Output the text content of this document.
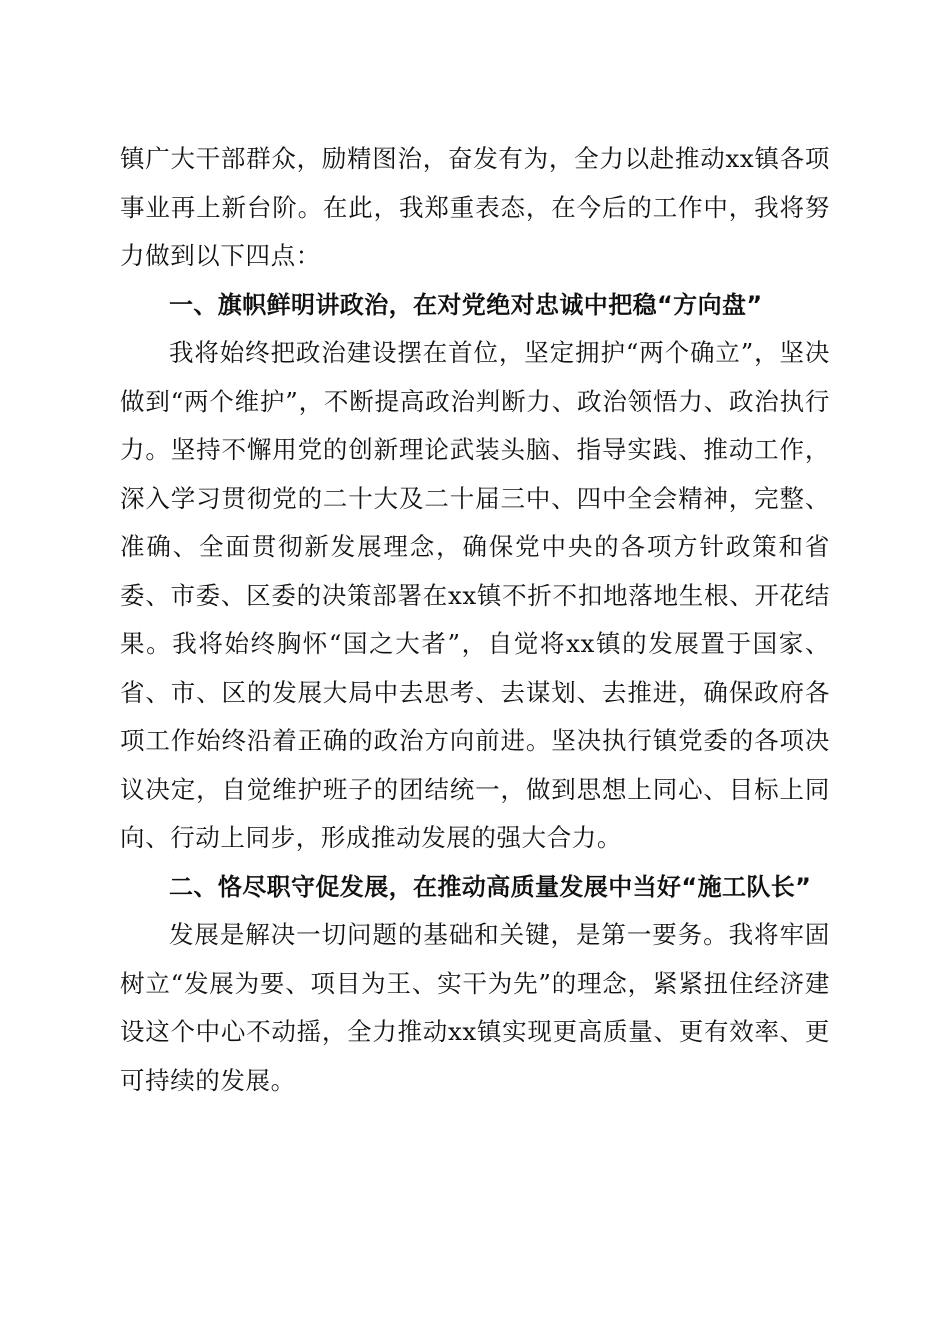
镇广大干部群众，励精图治，奋发有为，全力以赴推动xx镇各项事业再上新台阶。在此，我郑重表态，在今后的工作中，我将努力做到以下四点：

一、旗帜鲜明讲政治，在对党绝对忠诚中把稳“方向盘”

我将始终把政治建设摆在首位，坚定拥护“两个确立”，坚决做到“两个维护”，不断提高政治判断力、政治领悟力、政治执行力。坚持不懈用党的创新理论武装头脑、指导实践、推动工作，深入学习贯彻党的二十大及二十届三中、四中全会精神，完整、准确、全面贯彻新发展理念，确保党中央的各项方针政策和省委、市委、区委的决策部署在xx镇不折不扣地落地生根、开花结果。我将始终胸怀“国之大者”，自觉将xx镇的发展置于国家、省、市、区的发展大局中去思考、去谋划、去推进，确保政府各项工作始终沿着正确的政治方向前进。坚决执行镇党委的各项决议决定，自觉维护班子的团结统一，做到思想上同心、目标上同向、行动上同步，形成推动发展的强大合力。

二、恪尽职守促发展，在推动高质量发展中当好“施工队长”

发展是解决一切问题的基础和关键，是第一要务。我将牢固树立“发展为要、项目为王、实干为先”的理念，紧紧扭住经济建设这个中心不动摇，全力推动xx镇实现更高质量、更有效率、更可持续的发展。
